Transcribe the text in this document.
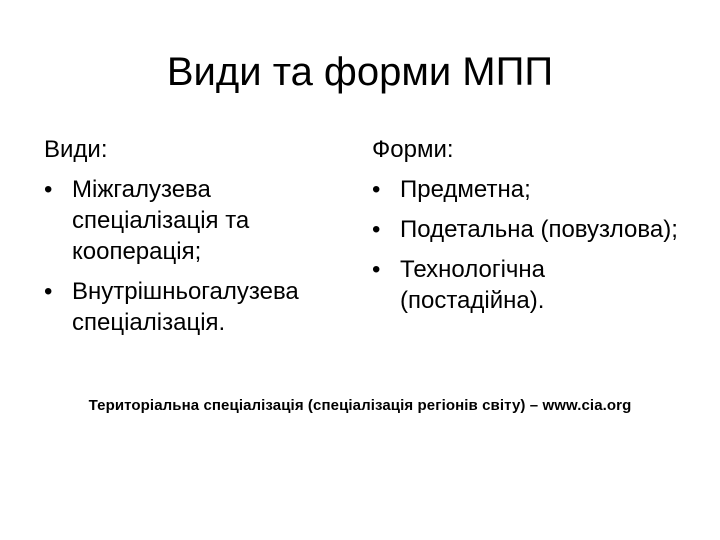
Види та форми МПП
Види:
• Міжгалузева спеціалізація та кооперація;
• Внутрішньогалузева спеціалізація.
Форми:
• Предметна;
• Подетальна (повузлова);
• Технологічна (постадійна).
Територіальна спеціалізація (спеціалізація регіонів світу) – www.cia.org
